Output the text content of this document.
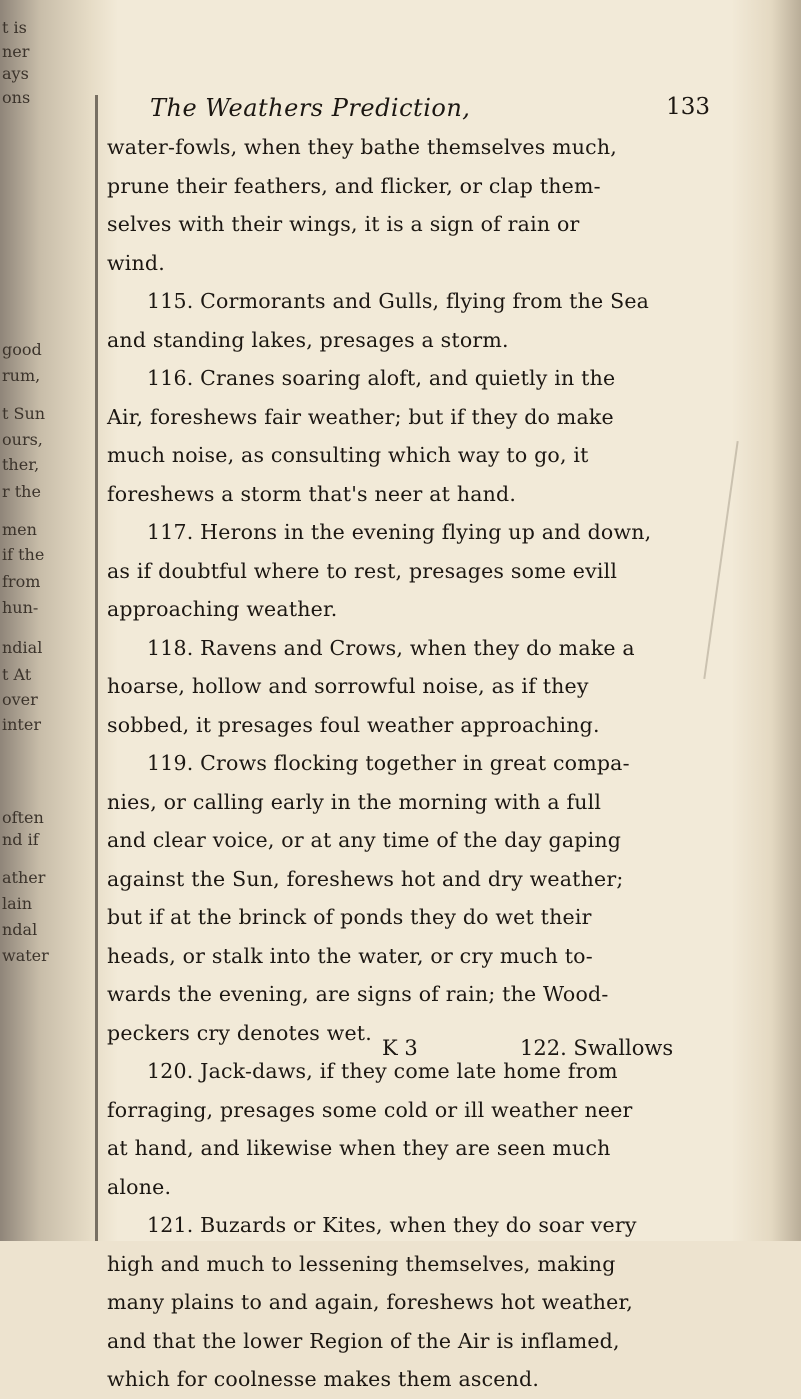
t is
ner
ays
ons
good
rum,
t Sun
ours,
ther,
r the
men
if the
from
hun-
ndial
t At
over
inter
often
nd if
ather
lain
ndal
water
The Weathers Prediction,	133
water-fowls, when they bathe themselves much,
prune their feathers, and flicker, or clap them-
selves with their wings, it is a sign of rain or
wind.
115. Cormorants and Gulls, flying from the Sea
and standing lakes, presages a storm.
116. Cranes soaring aloft, and quietly in the
Air, foreshews fair weather; but if they do make
much noise, as consulting which way to go, it
foreshews a storm that's neer at hand.
117. Herons in the evening flying up and down,
as if doubtful where to rest, presages some evill
approaching weather.
118. Ravens and Crows, when they do make a
hoarse, hollow and sorrowful noise, as if they
sobbed, it presages foul weather approaching.
119. Crows flocking together in great compa-
nies, or calling early in the morning with a full
and clear voice, or at any time of the day gaping
against the Sun, foreshews hot and dry weather;
but if at the brinck of ponds they do wet their
heads, or stalk into the water, or cry much to-
wards the evening, are signs of rain; the Wood-
peckers cry denotes wet.
120. Jack-daws, if they come late home from
forraging, presages some cold or ill weather neer
at hand, and likewise when they are seen much
alone.
121. Buzards or Kites, when they do soar very
high and much to lessening themselves, making
many plains to and again, foreshews hot weather,
and that the lower Region of the Air is inflamed,
which for coolnesse makes them ascend.
K 3	122. Swallows
